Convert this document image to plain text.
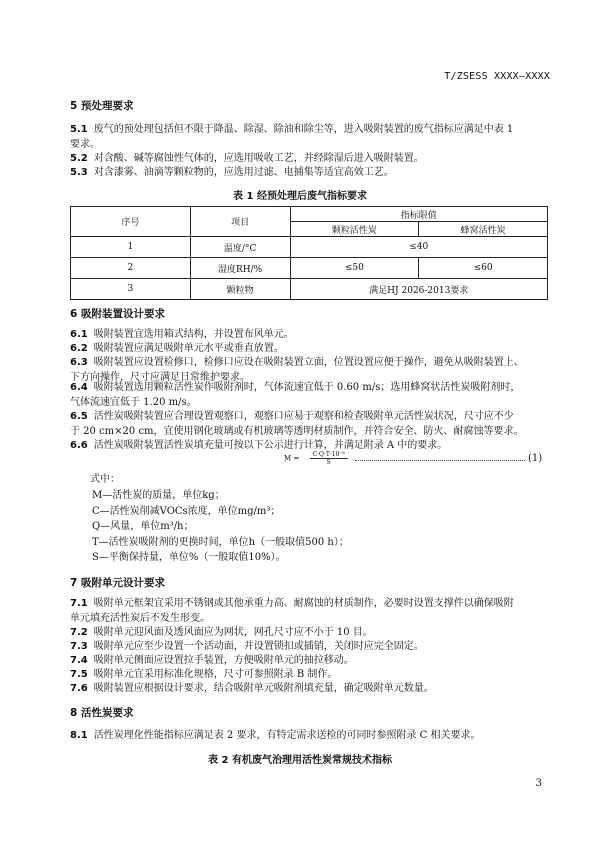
T/ZSESS XXXX—XXXX
5 预处理要求
5.1 废气的预处理包括但不限于降温、除湿、除油和除尘等，进入吸附装置的废气指标应满足中表 1
要求。
5.2 对含酸、碱等腐蚀性气体的，应选用吸收工艺，并经除湿后进入吸附装置。
5.3 对含漆雾、油滴等颗粒物的，应选用过滤、电捕集等适宜高效工艺。
表 1 经预处理后废气指标要求
序号	项目	指标限值	
		颗粒活性炭	蜂窝活性炭
1	温度/°C	≤40	
2	湿度RH/%	≤50	≤60
3	颗粒物	满足HJ 2026-2013要求	
6 吸附装置设计要求
6.1 吸附装置宜选用箱式结构，并设置布风单元。
6.2 吸附装置应满足吸附单元水平或垂直放置。
6.3 吸附装置应设置检修口，检修口应设在吸附装置立面，位置设置应便于操作，避免从吸附装置上、
下方向操作，尺寸应满足日常维护要求。
6.4 吸附装置选用颗粒活性炭作吸附剂时，气体流速宜低于 0.60 m/s；选用蜂窝状活性炭吸附剂时，
气体流速宜低于 1.20 m/s。
6.5 活性炭吸附装置应合理设置观察口，观察口应易于观察和检查吸附单元活性炭状况，尺寸应不少
于 20 cm×20 cm，宜使用钢化玻璃或有机玻璃等透明材质制作，并符合安全、防火、耐腐蚀等要求。
6.6 活性炭吸附装置活性炭填充量可按以下公示进行计算，并满足附录 A 中的要求。
$M = \frac{\text{C·Q·T·10⁻⁶}}{S}$	(1)
式中：
M—活性炭的质量，单位kg；
C—活性炭削减VOCs浓度，单位mg/m³；
Q—风量，单位m³/h；
T—活性炭吸附剂的更换时间，单位h（一般取值500 h）；
S—平衡保持量，单位%（一般取值10%）。
7 吸附单元设计要求
7.1 吸附单元框架宜采用不锈钢或其他承重力高、耐腐蚀的材质制作，必要时设置支撑件以确保吸附
单元填充活性炭后不发生形变。
7.2 吸附单元迎风面及透风面应为网状，网孔尺寸应不小于 10 目。
7.3 吸附单元应至少设置一个活动面，并设置锁扣或插销，关闭时应完全固定。
7.4 吸附单元侧面应设置拉手装置，方便吸附单元的抽拉移动。
7.5 吸附单元宜采用标准化规格，尺寸可参照附录 B 制作。
7.6 吸附装置应根据设计要求，结合吸附单元吸附剂填充量，确定吸附单元数量。
8 活性炭要求
8.1 活性炭理化性能指标应满足表 2 要求，有特定需求送检的可同时参照附录 C 相关要求。
表 2 有机废气治理用活性炭常规技术指标
3
